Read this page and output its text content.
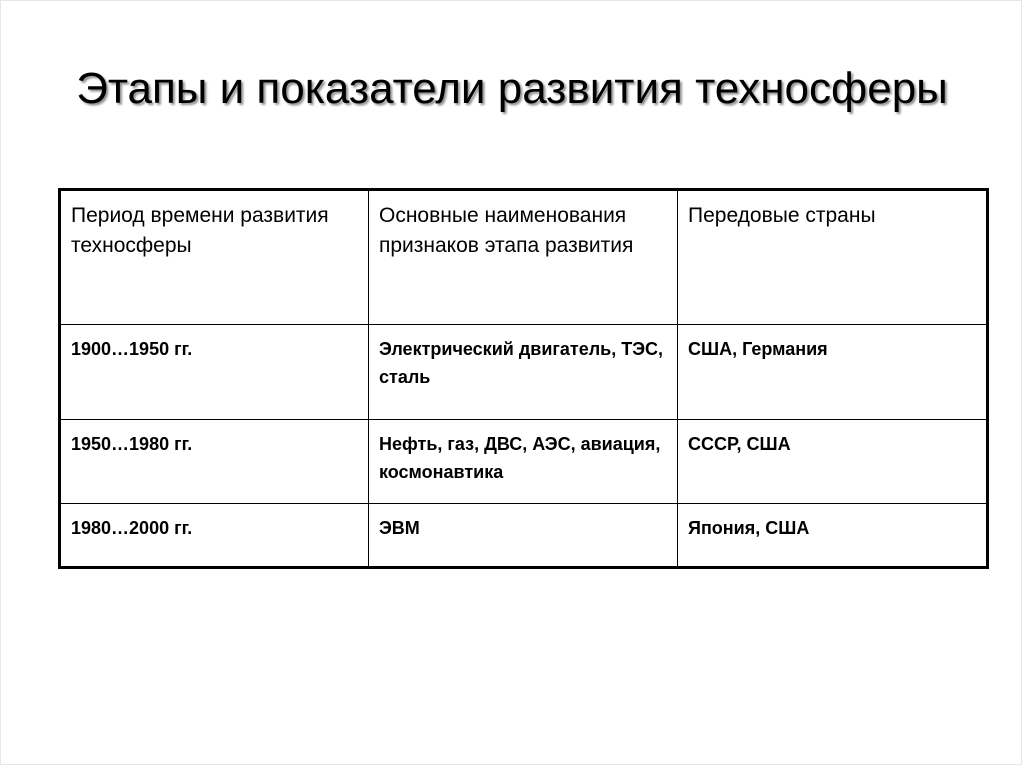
Этапы и показатели развития техносферы
Период времени развития техносферы	Основные наименования признаков этапа развития	Передовые страны
1900…1950 гг.	Электрический двигатель, ТЭС, сталь	США, Германия
1950…1980 гг.	Нефть, газ, ДВС, АЭС, авиация, космонавтика	СССР, США
1980…2000 гг.	ЭВМ	Япония, США
